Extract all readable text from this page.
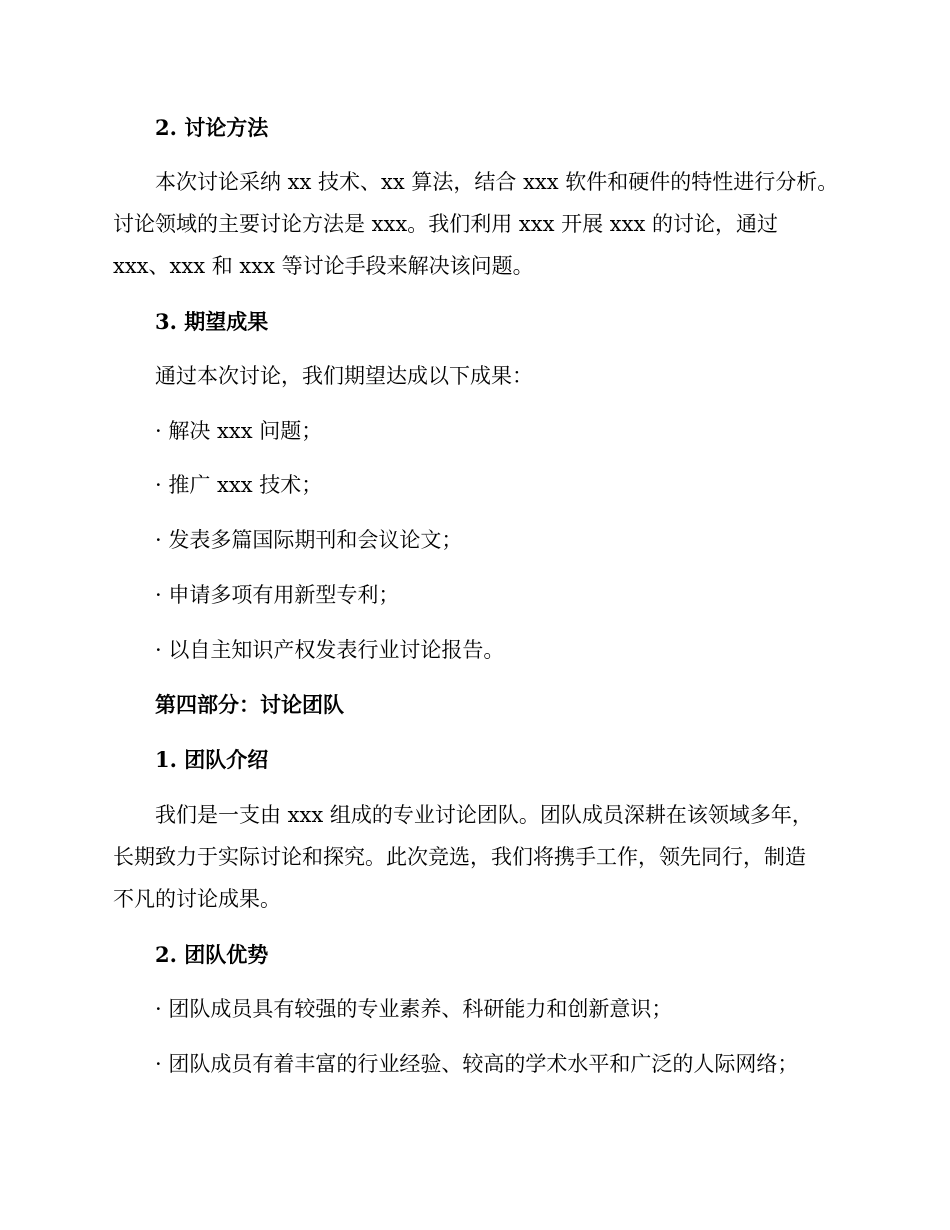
2. 讨论方法
本次讨论采纳 xx 技术、xx 算法，结合 xxx 软件和硬件的特性进行分析。
讨论领域的主要讨论方法是 xxx。我们利用 xxx 开展 xxx 的讨论，通过
xxx、xxx 和 xxx 等讨论手段来解决该问题。
3. 期望成果
通过本次讨论，我们期望达成以下成果：
· 解决 xxx 问题；
· 推广 xxx 技术；
· 发表多篇国际期刊和会议论文；
· 申请多项有用新型专利；
· 以自主知识产权发表行业讨论报告。
第四部分：讨论团队
1. 团队介绍
我们是一支由 xxx 组成的专业讨论团队。团队成员深耕在该领域多年，
长期致力于实际讨论和探究。此次竞选，我们将携手工作，领先同行，制造
不凡的讨论成果。
2. 团队优势
· 团队成员具有较强的专业素养、科研能力和创新意识；
· 团队成员有着丰富的行业经验、较高的学术水平和广泛的人际网络；
